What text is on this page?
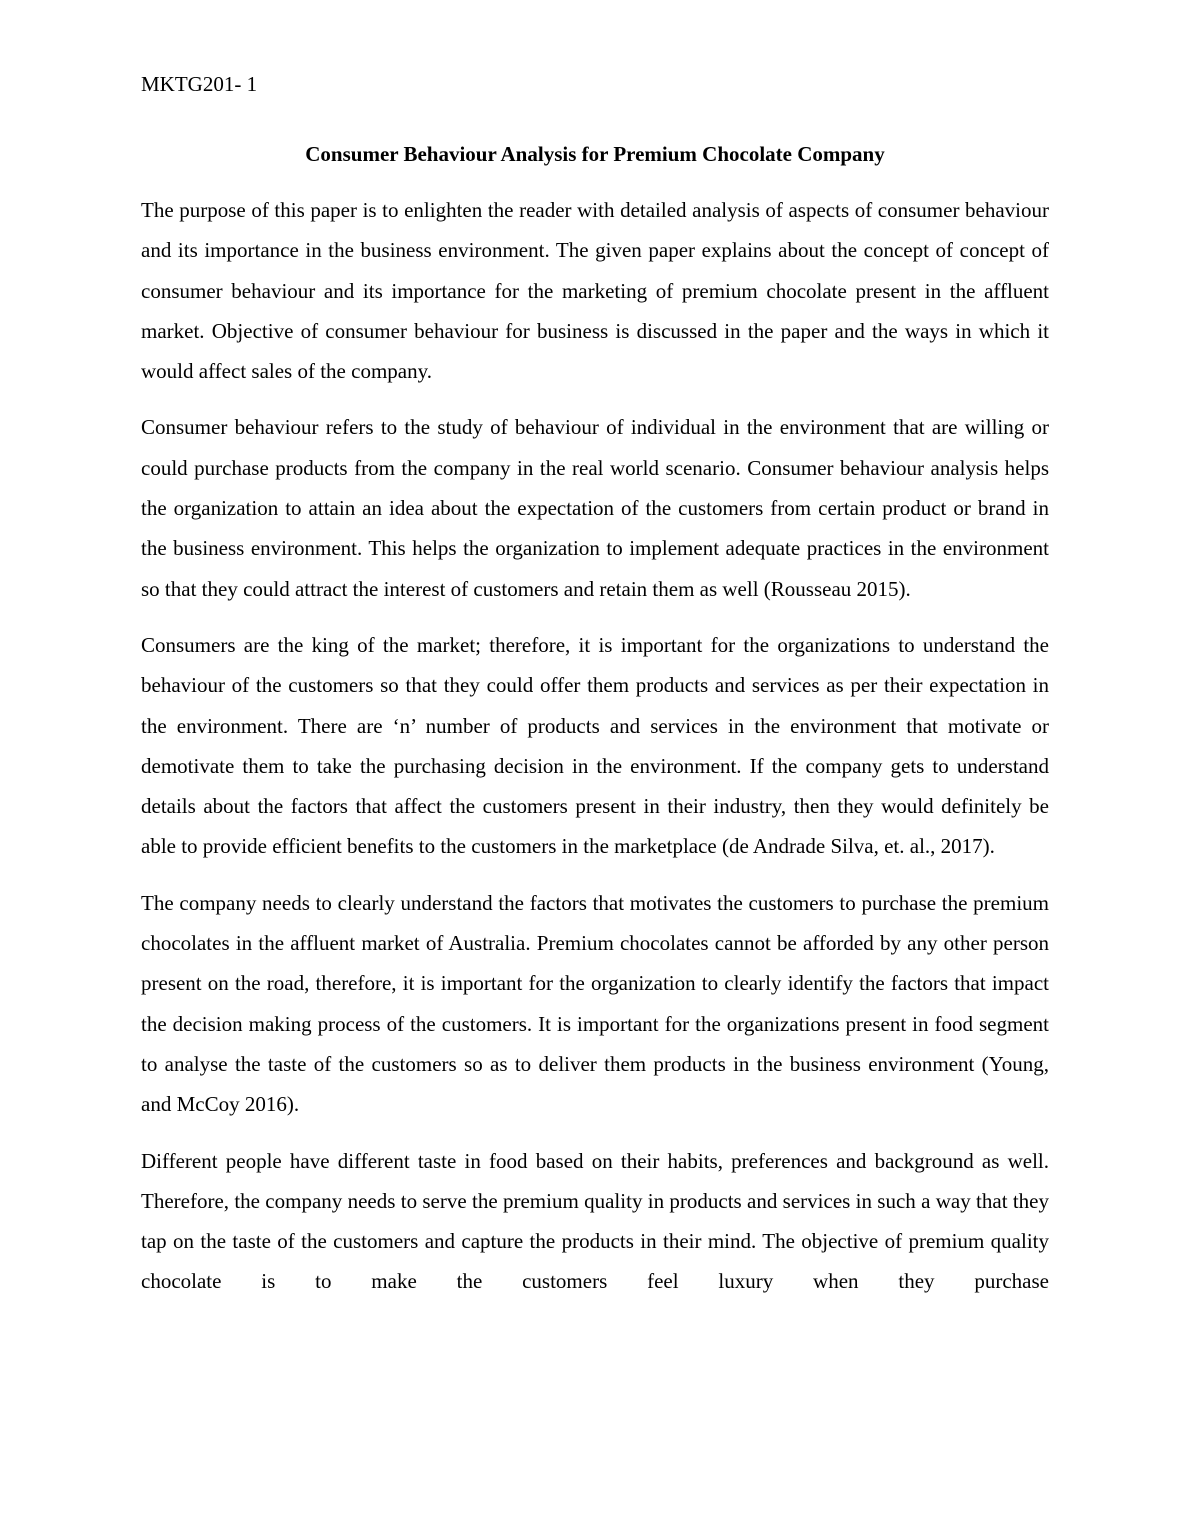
MKTG201- 1
Consumer Behaviour Analysis for Premium Chocolate Company

The purpose of this paper is to enlighten the reader with detailed analysis of aspects of consumer behaviour and its importance in the business environment. The given paper explains about the concept of concept of consumer behaviour and its importance for the marketing of premium chocolate present in the affluent market. Objective of consumer behaviour for business is discussed in the paper and the ways in which it would affect sales of the company.

Consumer behaviour refers to the study of behaviour of individual in the environment that are willing or could purchase products from the company in the real world scenario. Consumer behaviour analysis helps the organization to attain an idea about the expectation of the customers from certain product or brand in the business environment. This helps the organization to implement adequate practices in the environment so that they could attract the interest of customers and retain them as well (Rousseau 2015).

Consumers are the king of the market; therefore, it is important for the organizations to understand the behaviour of the customers so that they could offer them products and services as per their expectation in the environment. There are ‘n’ number of products and services in the environment that motivate or demotivate them to take the purchasing decision in the environment. If the company gets to understand details about the factors that affect the customers present in their industry, then they would definitely be able to provide efficient benefits to the customers in the marketplace (de Andrade Silva, et. al., 2017).

The company needs to clearly understand the factors that motivates the customers to purchase the premium chocolates in the affluent market of Australia. Premium chocolates cannot be afforded by any other person present on the road, therefore, it is important for the organization to clearly identify the factors that impact the decision making process of the customers. It is important for the organizations present in food segment to analyse the taste of the customers so as to deliver them products in the business environment (Young, and McCoy 2016).

Different people have different taste in food based on their habits, preferences and background as well. Therefore, the company needs to serve the premium quality in products and services in such a way that they tap on the taste of the customers and capture the products in their mind. The objective of premium quality chocolate is to make the customers feel luxury when they purchase
